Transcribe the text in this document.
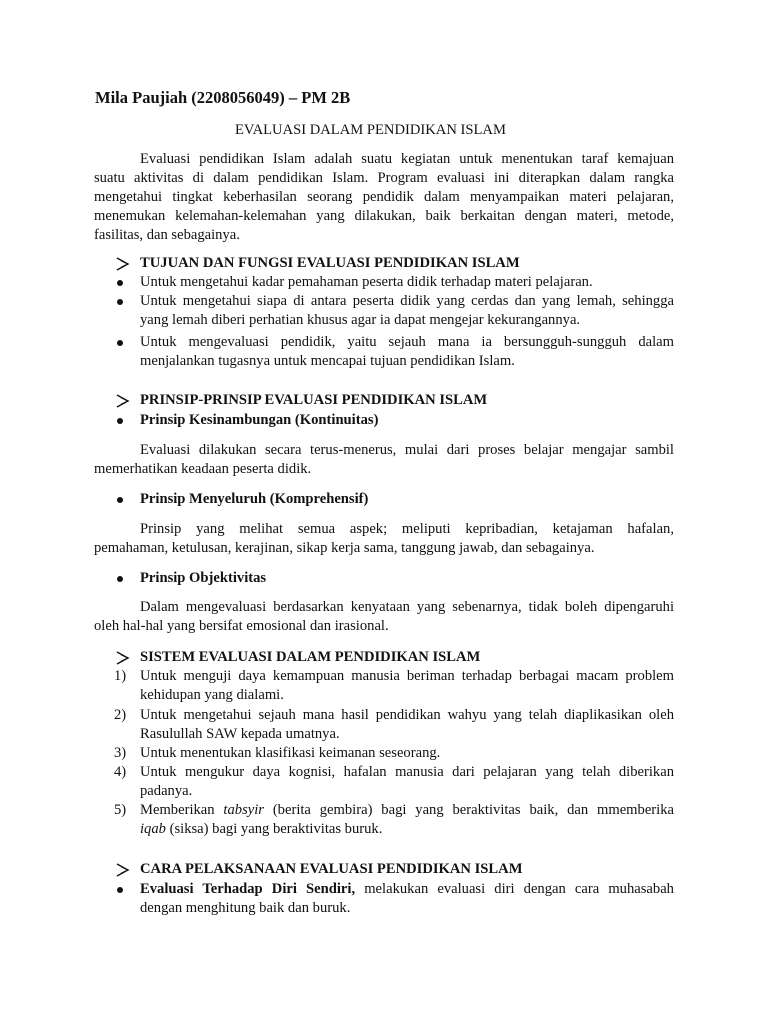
Mila Paujiah (2208056049) – PM 2B

EVALUASI DALAM PENDIDIKAN ISLAM

Evaluasi pendidikan Islam adalah suatu kegiatan untuk menentukan taraf kemajuan

suatu aktivitas di dalam pendidikan Islam. Program evaluasi ini diterapkan dalam rangka

mengetahui tingkat keberhasilan seorang pendidik dalam menyampaikan materi pelajaran,

menemukan kelemahan-kelemahan yang dilakukan, baik berkaitan dengan materi, metode,

fasilitas, dan sebagainya.

TUJUAN DAN FUNGSI EVALUASI PENDIDIKAN ISLAM

Untuk mengetahui kadar pemahaman peserta didik terhadap materi pelajaran.

Untuk mengetahui siapa di antara peserta didik yang cerdas dan yang lemah, sehingga

yang lemah diberi perhatian khusus agar ia dapat mengejar kekurangannya.

Untuk mengevaluasi pendidik, yaitu sejauh mana ia bersungguh-sungguh dalam

menjalankan tugasnya untuk mencapai tujuan pendidikan Islam.

PRINSIP-PRINSIP EVALUASI PENDIDIKAN ISLAM

Prinsip Kesinambungan (Kontinuitas)

Evaluasi dilakukan secara terus-menerus, mulai dari proses belajar mengajar sambil

memerhatikan keadaan peserta didik.

Prinsip Menyeluruh (Komprehensif)

Prinsip yang melihat semua aspek; meliputi kepribadian, ketajaman hafalan,

pemahaman, ketulusan, kerajinan, sikap kerja sama, tanggung jawab, dan sebagainya.

Prinsip Objektivitas

Dalam mengevaluasi berdasarkan kenyataan yang sebenarnya, tidak boleh dipengaruhi

oleh hal-hal yang bersifat emosional dan irasional.

SISTEM EVALUASI DALAM PENDIDIKAN ISLAM

1) Untuk menguji daya kemampuan manusia beriman terhadap berbagai macam problem

kehidupan yang dialami.

2) Untuk mengetahui sejauh mana hasil pendidikan wahyu yang telah diaplikasikan oleh

Rasulullah SAW kepada umatnya.

3) Untuk menentukan klasifikasi keimanan seseorang.

4) Untuk mengukur daya kognisi, hafalan manusia dari pelajaran yang telah diberikan

padanya.

5) Memberikan tabsyir (berita gembira) bagi yang beraktivitas baik, dan mmemberika

iqab (siksa) bagi yang beraktivitas buruk.

CARA PELAKSANAAN EVALUASI PENDIDIKAN ISLAM

Evaluasi Terhadap Diri Sendiri, melakukan evaluasi diri dengan cara muhasabah

dengan menghitung baik dan buruk.
